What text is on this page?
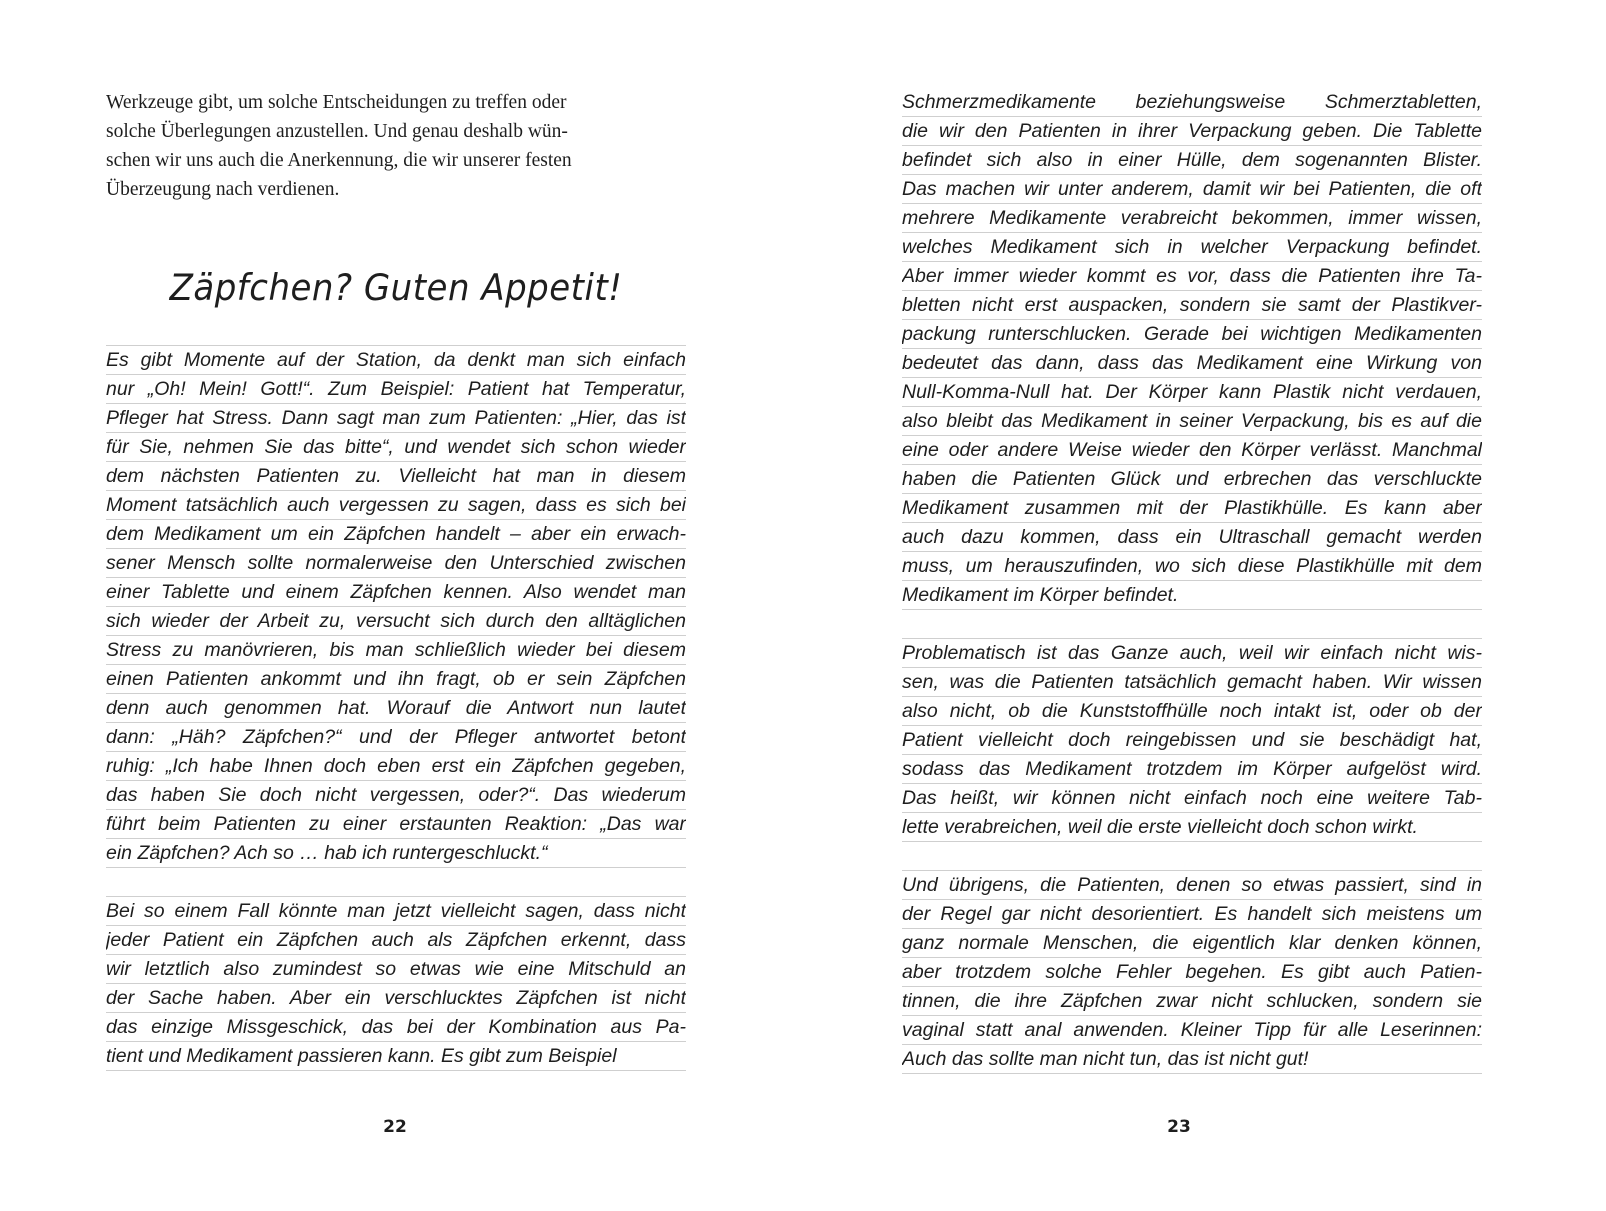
Werkzeuge gibt, um solche Entscheidungen zu treffen oder
solche Überlegungen anzustellen. Und genau deshalb wün-
schen wir uns auch die Anerkennung, die wir unserer festen
Überzeugung nach verdienen.
Zäpfchen? Guten Appetit!
Es gibt Momente auf der Station, da denkt man sich einfach
nur „Oh! Mein! Gott!“. Zum Beispiel: Patient hat Temperatur,
Pfleger hat Stress. Dann sagt man zum Patienten: „Hier, das ist
für Sie, nehmen Sie das bitte“, und wendet sich schon wieder
dem nächsten Patienten zu. Vielleicht hat man in diesem
Moment tatsächlich auch vergessen zu sagen, dass es sich bei
dem Medikament um ein Zäpfchen handelt – aber ein erwach-
sener Mensch sollte normalerweise den Unterschied zwischen
einer Tablette und einem Zäpfchen kennen. Also wendet man
sich wieder der Arbeit zu, versucht sich durch den alltäglichen
Stress zu manövrieren, bis man schließlich wieder bei diesem
einen Patienten ankommt und ihn fragt, ob er sein Zäpfchen
denn auch genommen hat. Worauf die Antwort nun lautet
dann: „Häh? Zäpfchen?“ und der Pfleger antwortet betont
ruhig: „Ich habe Ihnen doch eben erst ein Zäpfchen gegeben,
das haben Sie doch nicht vergessen, oder?“. Das wiederum
führt beim Patienten zu einer erstaunten Reaktion: „Das war
ein Zäpfchen? Ach so … hab ich runtergeschluckt.“
Bei so einem Fall könnte man jetzt vielleicht sagen, dass nicht
jeder Patient ein Zäpfchen auch als Zäpfchen erkennt, dass
wir letztlich also zumindest so etwas wie eine Mitschuld an
der Sache haben. Aber ein verschlucktes Zäpfchen ist nicht
das einzige Missgeschick, das bei der Kombination aus Pa-
tient und Medikament passieren kann. Es gibt zum Beispiel

22

Schmerzmedikamente beziehungsweise Schmerztabletten,
die wir den Patienten in ihrer Verpackung geben. Die Tablette
befindet sich also in einer Hülle, dem sogenannten Blister.
Das machen wir unter anderem, damit wir bei Patienten, die oft
mehrere Medikamente verabreicht bekommen, immer wissen,
welches Medikament sich in welcher Verpackung befindet.
Aber immer wieder kommt es vor, dass die Patienten ihre Ta-
bletten nicht erst auspacken, sondern sie samt der Plastikver-
packung runterschlucken. Gerade bei wichtigen Medikamenten
bedeutet das dann, dass das Medikament eine Wirkung von
Null-Komma-Null hat. Der Körper kann Plastik nicht verdauen,
also bleibt das Medikament in seiner Verpackung, bis es auf die
eine oder andere Weise wieder den Körper verlässt. Manchmal
haben die Patienten Glück und erbrechen das verschluckte
Medikament zusammen mit der Plastikhülle. Es kann aber
auch dazu kommen, dass ein Ultraschall gemacht werden
muss, um herauszufinden, wo sich diese Plastikhülle mit dem
Medikament im Körper befindet.
Problematisch ist das Ganze auch, weil wir einfach nicht wis-
sen, was die Patienten tatsächlich gemacht haben. Wir wissen
also nicht, ob die Kunststoffhülle noch intakt ist, oder ob der
Patient vielleicht doch reingebissen und sie beschädigt hat,
sodass das Medikament trotzdem im Körper aufgelöst wird.
Das heißt, wir können nicht einfach noch eine weitere Tab-
lette verabreichen, weil die erste vielleicht doch schon wirkt.
Und übrigens, die Patienten, denen so etwas passiert, sind in
der Regel gar nicht desorientiert. Es handelt sich meistens um
ganz normale Menschen, die eigentlich klar denken können,
aber trotzdem solche Fehler begehen. Es gibt auch Patien-
tinnen, die ihre Zäpfchen zwar nicht schlucken, sondern sie
vaginal statt anal anwenden. Kleiner Tipp für alle Leserinnen:
Auch das sollte man nicht tun, das ist nicht gut!

23
